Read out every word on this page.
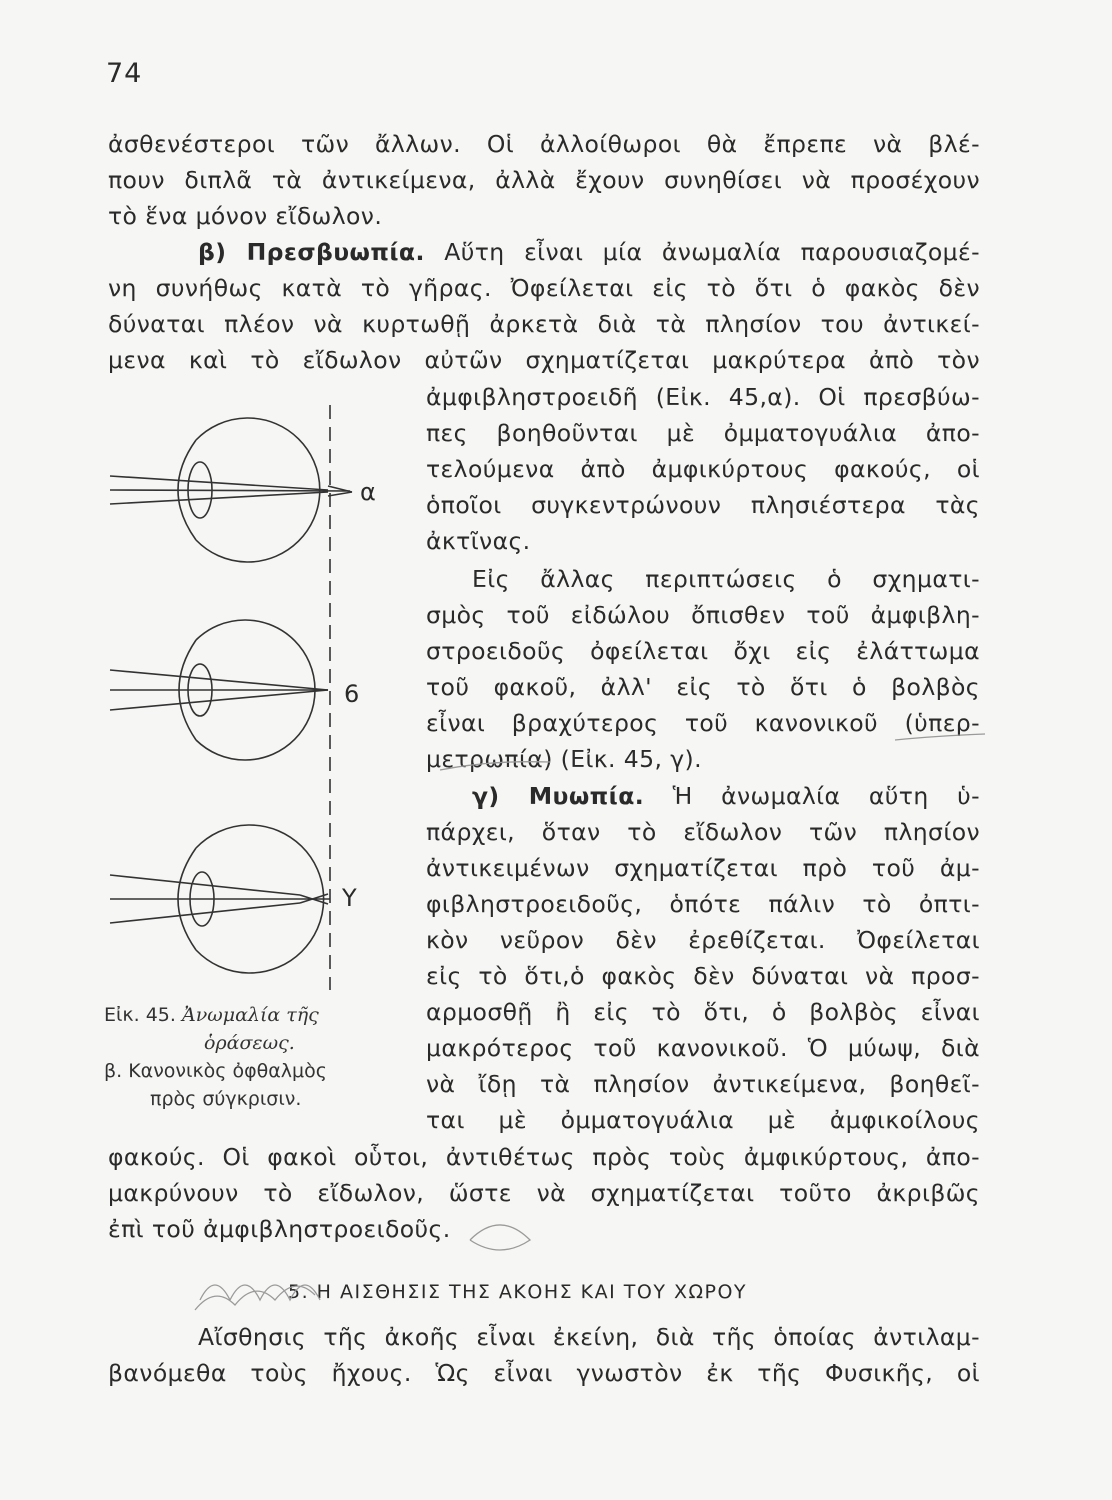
74
ἀσθενέστεροι τῶν ἄλλων. Οἱ ἀλλοίθωροι θὰ ἔπρεπε νὰ βλέ-
πουν διπλᾶ τὰ ἀντικείμενα, ἀλλὰ ἔχουν συνηθίσει νὰ προσέχουν
τὸ ἕνα μόνον εἴδωλον.
β) Πρεσβυωπία. Αὕτη εἶναι μία ἀνωμαλία παρουσιαζομέ-
νη συνήθως κατὰ τὸ γῆρας. Ὀφείλεται εἰς τὸ ὅτι ὁ φακὸς δὲν
δύναται πλέον νὰ κυρτωθῇ ἀρκετὰ διὰ τὰ πλησίον του ἀντικεί-
μενα καὶ τὸ εἴδωλον αὐτῶν σχηματίζεται μακρύτερα ἀπὸ τὸν
ἀμφιβληστροειδῆ (Εἰκ. 45,α). Οἱ πρεσβύω-
πες βοηθοῦνται μὲ ὀμματογυάλια ἀπο-
τελούμενα ἀπὸ ἀμφικύρτους φακούς, οἱ
ὁποῖοι συγκεντρώνουν πλησιέστερα τὰς
ἀκτῖνας.
Εἰς ἄλλας περιπτώσεις ὁ σχηματι-
σμὸς τοῦ εἰδώλου ὄπισθεν τοῦ ἀμφιβλη-
στροειδοῦς ὀφείλεται ὄχι εἰς ἐλάττωμα
τοῦ φακοῦ, ἀλλ' εἰς τὸ ὅτι ὁ βολβὸς
εἶναι βραχύτερος τοῦ κανονικοῦ (ὑπερ-
μετρωπία) (Εἰκ. 45, γ).
γ) Μυωπία. Ἡ ἀνωμαλία αὕτη ὑ-
πάρχει, ὅταν τὸ εἴδωλον τῶν πλησίον
ἀντικειμένων σχηματίζεται πρὸ τοῦ ἀμ-
φιβληστροειδοῦς, ὁπότε πάλιν τὸ ὀπτι-
κὸν νεῦρον δὲν ἐρεθίζεται. Ὀφείλεται
εἰς τὸ ὅτι,ὁ φακὸς δὲν δύναται νὰ προσ-
αρμοσθῇ ἢ εἰς τὸ ὅτι, ὁ βολβὸς εἶναι
μακρότερος τοῦ κανονικοῦ. Ὁ μύωψ, διὰ
νὰ ἴδῃ τὰ πλησίον ἀντικείμενα, βοηθεῖ-
ται μὲ ὀμματογυάλια μὲ ἀμφικοίλους
φακούς. Οἱ φακοὶ οὗτοι, ἀντιθέτως πρὸς τοὺς ἀμφικύρτους, ἀπο-
μακρύνουν τὸ εἴδωλον, ὥστε νὰ σχηματίζεται τοῦτο ἀκριβῶς
ἐπὶ τοῦ ἀμφιβληστροειδοῦς.
5. Η ΑΙΣΘΗΣΙΣ ΤΗΣ ΑΚΟΗΣ ΚΑΙ ΤΟΥ ΧΩΡΟΥ
Αἴσθησις τῆς ἀκοῆς εἶναι ἐκείνη, διὰ τῆς ὁποίας ἀντιλαμ-
βανόμεθα τοὺς ἤχους. Ὡς εἶναι γνωστὸν ἐκ τῆς Φυσικῆς, οἱ
Εἰκ. 45. Ἀνωμαλία τῆς
ὁράσεως.
β. Κανονικὸς ὀφθαλμὸς
πρὸς σύγκρισιν.
α
6
Υ
